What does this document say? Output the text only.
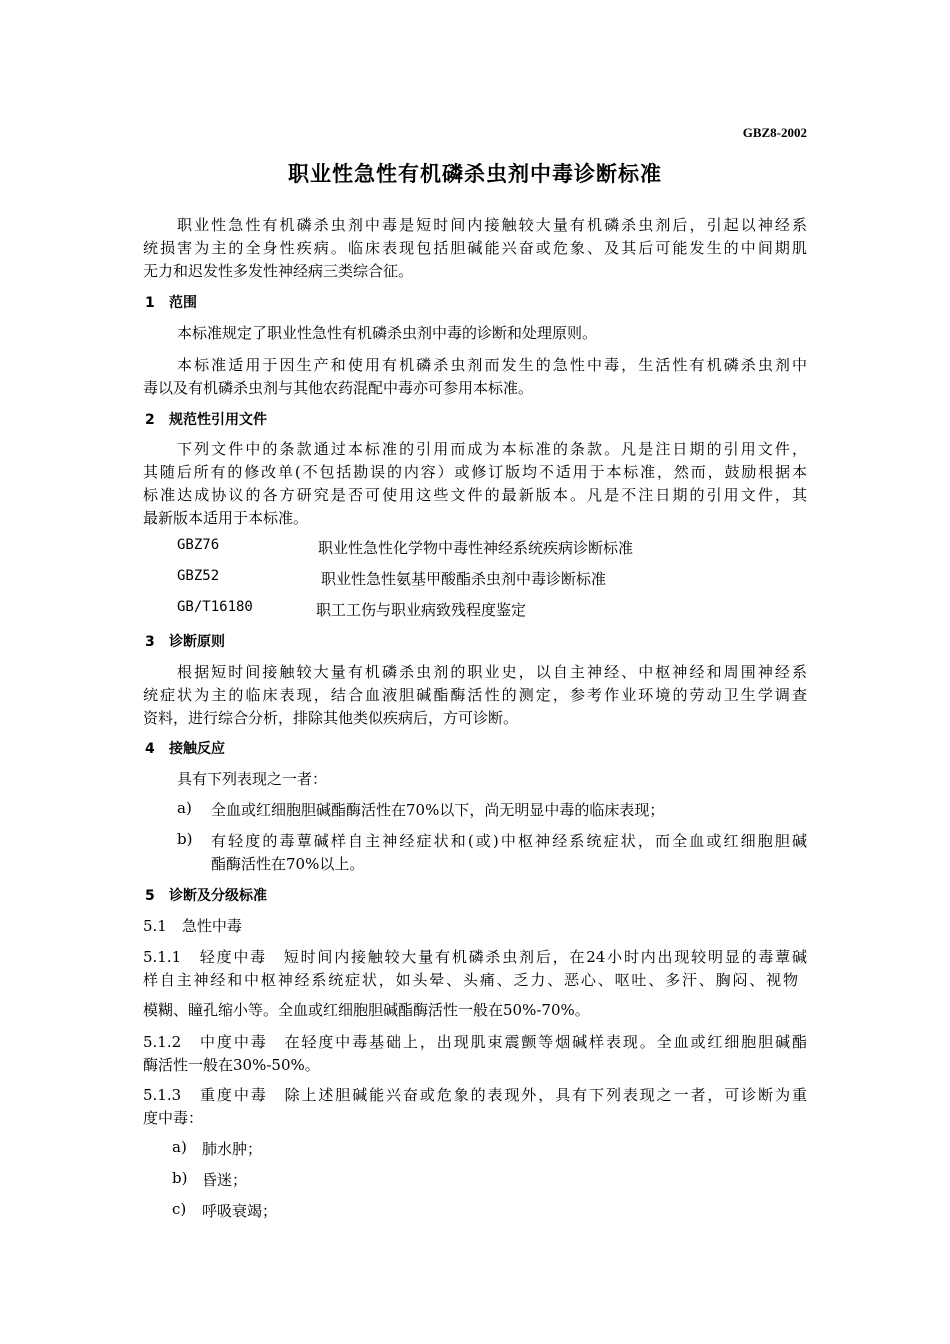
GBZ8-2002
职业性急性有机磷杀虫剂中毒诊断标准
职业性急性有机磷杀虫剂中毒是短时间内接触较大量有机磷杀虫剂后，引起以神经系
统损害为主的全身性疾病。临床表现包括胆碱能兴奋或危象、及其后可能发生的中间期肌
无力和迟发性多发性神经病三类综合征。
1 范围
本标准规定了职业性急性有机磷杀虫剂中毒的诊断和处理原则。
本标准适用于因生产和使用有机磷杀虫剂而发生的急性中毒，生活性有机磷杀虫剂中
毒以及有机磷杀虫剂与其他农药混配中毒亦可参用本标准。
2 规范性引用文件
下列文件中的条款通过本标准的引用而成为本标准的条款。凡是注日期的引用文件，
其随后所有的修改单(不包括勘误的内容）或修订版均不适用于本标准，然而，鼓励根据本
标准达成协议的各方研究是否可使用这些文件的最新版本。凡是不注日期的引用文件，其
最新版本适用于本标准。
GBZ76	职业性急性化学物中毒性神经系统疾病诊断标准
GBZ52	职业性急性氨基甲酸酯杀虫剂中毒诊断标准
GB/T16180	职工工伤与职业病致残程度鉴定
3 诊断原则
根据短时间接触较大量有机磷杀虫剂的职业史，以自主神经、中枢神经和周围神经系
统症状为主的临床表现，结合血液胆碱酯酶活性的测定，参考作业环境的劳动卫生学调查
资料，进行综合分析，排除其他类似疾病后，方可诊断。
4 接触反应
具有下列表现之一者：
a) 全血或红细胞胆碱酯酶活性在70%以下，尚无明显中毒的临床表现；
b) 有轻度的毒蕈碱样自主神经症状和(或)中枢神经系统症状，而全血或红细胞胆碱
酯酶活性在70%以上。
5 诊断及分级标准
5.1　急性中毒
5.1.1　轻度中毒　短时间内接触较大量有机磷杀虫剂后，在24小时内出现较明显的毒蕈碱
样自主神经和中枢神经系统症状，如头晕、头痛、乏力、恶心、呕吐、多汗、胸闷、视物
模糊、瞳孔缩小等。全血或红细胞胆碱酯酶活性一般在50%-70%。
5.1.2　中度中毒　在轻度中毒基础上，出现肌束震颤等烟碱样表现。全血或红细胞胆碱酯
酶活性一般在30%-50%。
5.1.3　重度中毒　除上述胆碱能兴奋或危象的表现外，具有下列表现之一者，可诊断为重
度中毒：
a) 肺水肿；
b) 昏迷；
c) 呼吸衰竭；
